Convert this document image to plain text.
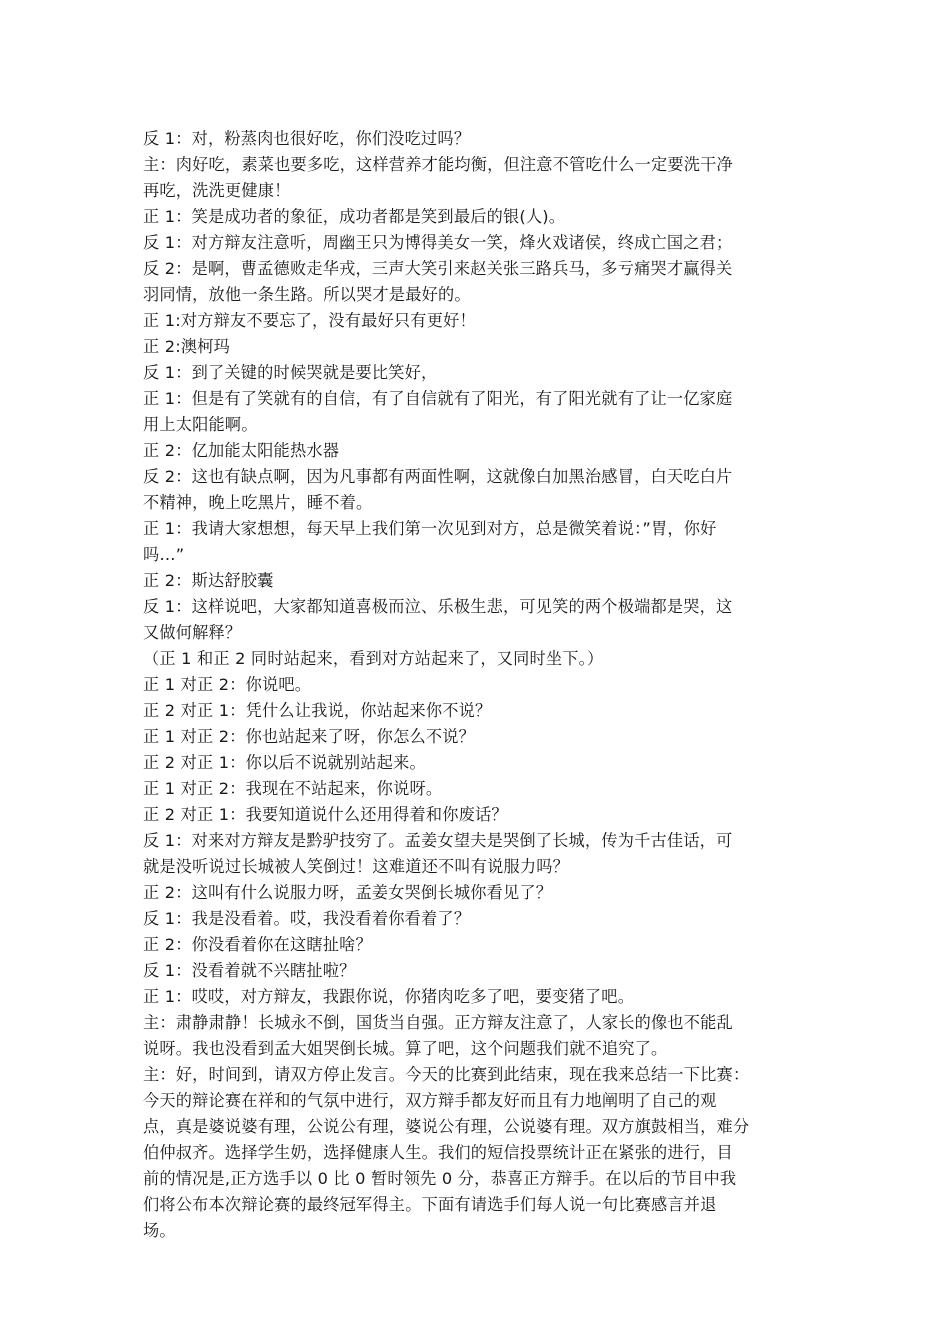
反 1：对，粉蒸肉也很好吃，你们没吃过吗？
主：肉好吃，素菜也要多吃，这样营养才能均衡，但注意不管吃什么一定要洗干净
再吃，洗洗更健康！
正 1：笑是成功者的象征，成功者都是笑到最后的银(人)。
反 1：对方辩友注意听，周幽王只为博得美女一笑，烽火戏诸侯，终成亡国之君；
反 2：是啊，曹孟德败走华戎，三声大笑引来赵关张三路兵马，多亏痛哭才赢得关
羽同情，放他一条生路。所以哭才是最好的。
正 1:对方辩友不要忘了，没有最好只有更好！
正 2:澳柯玛
反 1：到了关键的时候哭就是要比笑好，
正 1：但是有了笑就有的自信，有了自信就有了阳光，有了阳光就有了让一亿家庭
用上太阳能啊。
正 2：亿加能太阳能热水器
反 2：这也有缺点啊，因为凡事都有两面性啊，这就像白加黑治感冒，白天吃白片
不精神，晚上吃黑片，睡不着。
正 1：我请大家想想，每天早上我们第一次见到对方，总是微笑着说：”胃，你好
吗…”
正 2：斯达舒胶囊
反 1：这样说吧，大家都知道喜极而泣、乐极生悲，可见笑的两个极端都是哭，这
又做何解释？
（正 1 和正 2 同时站起来，看到对方站起来了，又同时坐下。）
正 1 对正 2：你说吧。
正 2 对正 1：凭什么让我说，你站起来你不说？
正 1 对正 2：你也站起来了呀，你怎么不说？
正 2 对正 1：你以后不说就别站起来。
正 1 对正 2：我现在不站起来，你说呀。
正 2 对正 1：我要知道说什么还用得着和你废话？
反 1：对来对方辩友是黔驴技穷了。孟姜女望夫是哭倒了长城，传为千古佳话，可
就是没听说过长城被人笑倒过！这难道还不叫有说服力吗？
正 2：这叫有什么说服力呀，孟姜女哭倒长城你看见了？
反 1：我是没看着。哎，我没看着你看着了？
正 2：你没看着你在这瞎扯啥？
反 1：没看着就不兴瞎扯啦？
正 1：哎哎，对方辩友，我跟你说，你猪肉吃多了吧，要变猪了吧。
主：肃静肃静！长城永不倒，国货当自强。正方辩友注意了，人家长的像也不能乱
说呀。我也没看到孟大姐哭倒长城。算了吧，这个问题我们就不追究了。
主：好，时间到，请双方停止发言。今天的比赛到此结束，现在我来总结一下比赛：
今天的辩论赛在祥和的气氛中进行，双方辩手都友好而且有力地阐明了自己的观
点，真是婆说婆有理，公说公有理，婆说公有理，公说婆有理。双方旗鼓相当，难分
伯仲叔齐。选择学生奶，选择健康人生。我们的短信投票统计正在紧张的进行，目
前的情况是,正方选手以 0 比 0 暂时领先 0 分，恭喜正方辩手。在以后的节目中我
们将公布本次辩论赛的最终冠军得主。下面有请选手们每人说一句比赛感言并退
场。
